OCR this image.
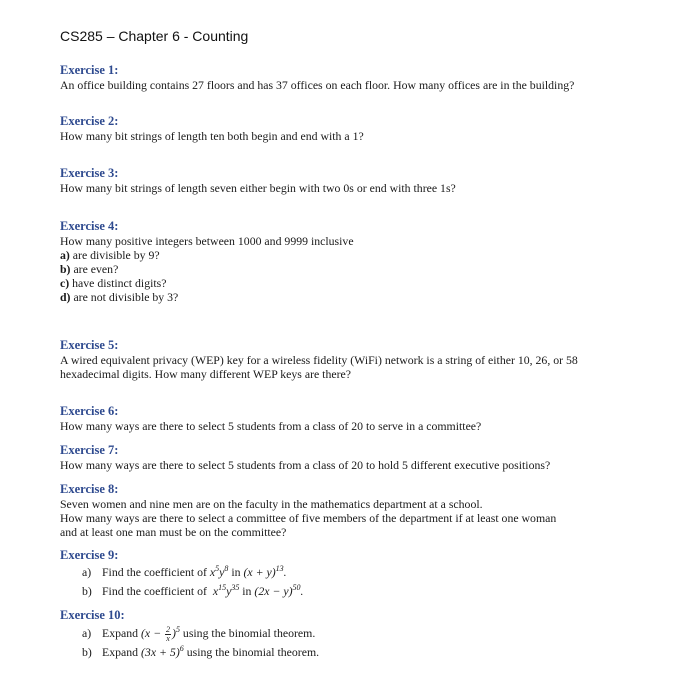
CS285 – Chapter 6 - Counting
Exercise 1:
An office building contains 27 floors and has 37 offices on each floor. How many offices are in the building?
Exercise 2:
How many bit strings of length ten both begin and end with a 1?
Exercise 3:
How many bit strings of length seven either begin with two 0s or end with three 1s?
Exercise 4:
How many positive integers between 1000 and 9999 inclusive
a) are divisible by 9?
b) are even?
c) have distinct digits?
d) are not divisible by 3?
Exercise 5:
A wired equivalent privacy (WEP) key for a wireless fidelity (WiFi) network is a string of either 10, 26, or 58
hexadecimal digits. How many different WEP keys are there?
Exercise 6:
How many ways are there to select 5 students from a class of 20 to serve in a committee?
Exercise 7:
How many ways are there to select 5 students from a class of 20 to hold 5 different executive positions?
Exercise 8:
Seven women and nine men are on the faculty in the mathematics department at a school.
How many ways are there to select a committee of five members of the department if at least one woman
and at least one man must be on the committee?
Exercise 9:
a) Find the coefficient of $x^5y^8$ in $(x + y)^{13}$.
b) Find the coefficient of  $x^{15}y^{35}$ in $(2x - y)^{50}$.
Exercise 10:
a) Expand $(x - \frac{2}{x} )^5$ using the binomial theorem.
b) Expand $(3x + 5)^6$ using the binomial theorem.
